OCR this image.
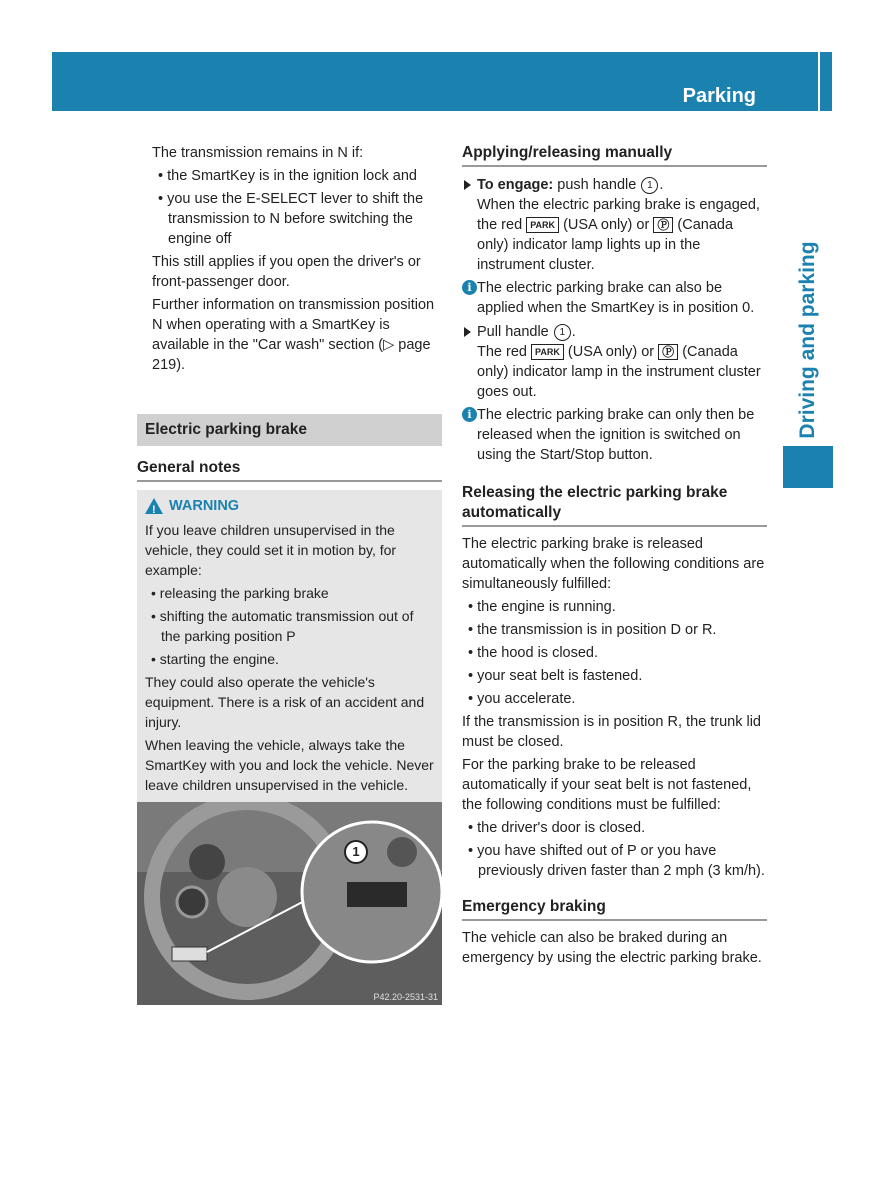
Parking	129
Driving and parking

The transmission remains in N if:

• the SmartKey is in the ignition lock and
• you use the E-SELECT lever to shift the transmission to N before switching the engine off

This still applies if you open the driver's or front-passenger door.

Further information on transmission position N when operating with a SmartKey is available in the "Car wash" section (▷ page 219).

Electric parking brake
General notes
!
WARNING

If you leave children unsupervised in the vehicle, they could set it in motion by, for example:

• releasing the parking brake
• shifting the automatic transmission out of the parking position P
• starting the engine.

They could also operate the vehicle's equipment. There is a risk of an accident and injury.

When leaving the vehicle, always take the SmartKey with you and lock the vehicle. Never leave children unsupervised in the vehicle.

1
P42.20-2531-31
Applying/releasing manually
To engage: push handle 1 .
When the electric parking brake is engaged, the red PARK (USA only) or Ⓟ (Canada only) indicator lamp lights up in the instrument cluster.
i The electric parking brake can also be applied when the SmartKey is in position 0.
Pull handle 1 .
The red PARK (USA only) or Ⓟ (Canada only) indicator lamp in the instrument cluster goes out.
i The electric parking brake can only then be released when the ignition is switched on using the Start/Stop button.
Releasing the electric parking brake automatically

The electric parking brake is released automatically when the following conditions are simultaneously fulfilled:

• the engine is running.
• the transmission is in position D or R.
• the hood is closed.
• your seat belt is fastened.
• you accelerate.

If the transmission is in position R, the trunk lid must be closed.

For the parking brake to be released automatically if your seat belt is not fastened, the following conditions must be fulfilled:

• the driver's door is closed.
• you have shifted out of P or you have previously driven faster than 2 mph (3 km/h).
Emergency braking

The vehicle can also be braked during an emergency by using the electric parking brake.
